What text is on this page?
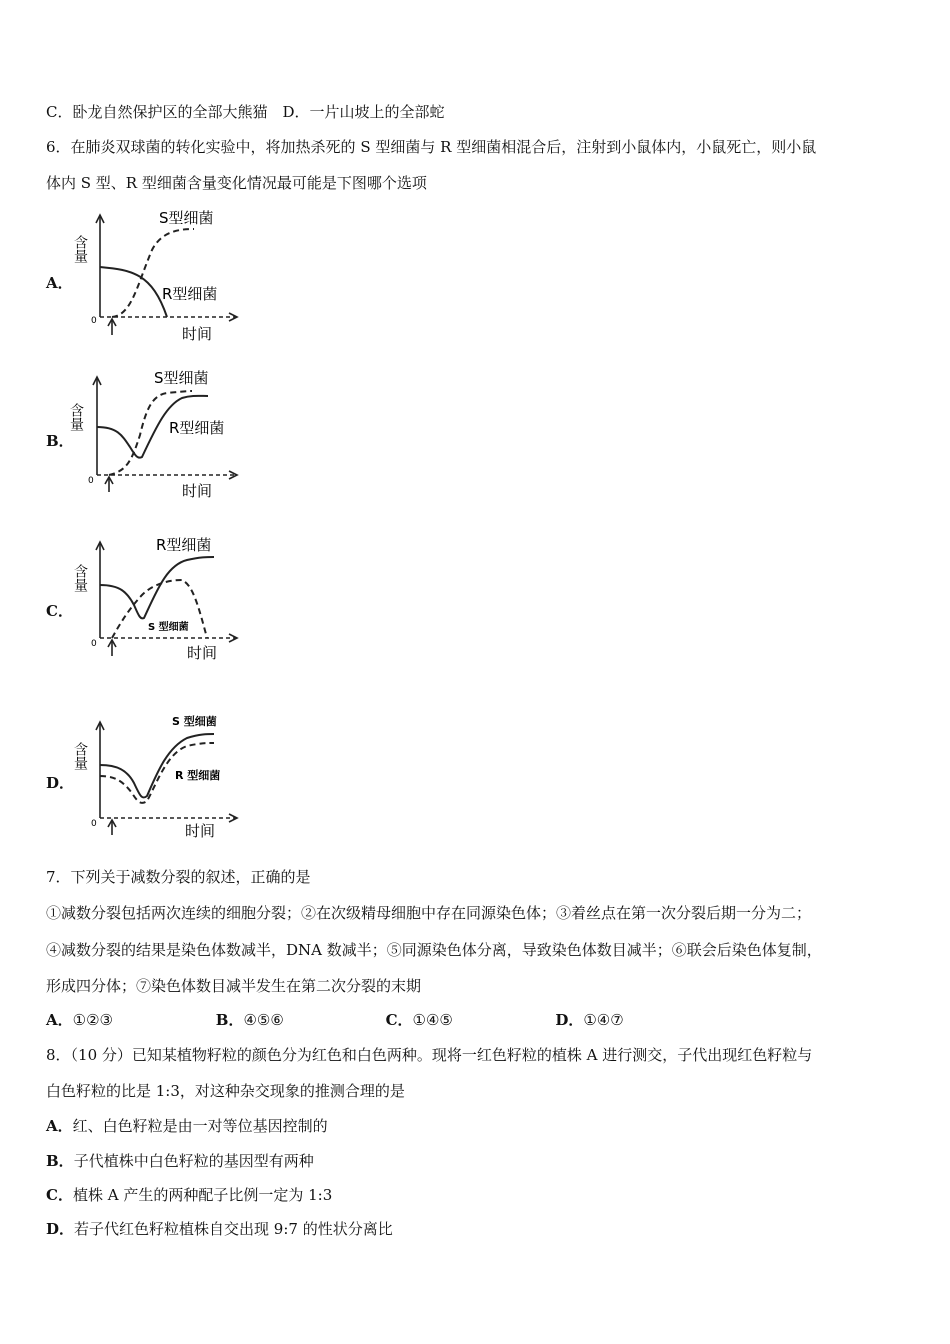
C．卧龙自然保护区的全部大熊猫　D．一片山坡上的全部蛇
6．在肺炎双球菌的转化实验中，将加热杀死的 S 型细菌与 R 型细菌相混合后，注射到小鼠体内，小鼠死亡，则小鼠
体内 S 型、R 型细菌含量变化情况最可能是下图哪个选项
A．
含量
S型细菌
R型细菌
0
时间
B．
含量
S型细菌
R型细菌
0
时间
C．
含量
R型细菌
S 型细菌
0	时间
D．
含量
S 型细菌
R 型细菌
0	时间
7．下列关于减数分裂的叙述，正确的是
①减数分裂包括两次连续的细胞分裂；②在次级精母细胞中存在同源染色体；③着丝点在第一次分裂后期一分为二；
④减数分裂的结果是染色体数减半，DNA 数减半；⑤同源染色体分离，导致染色体数目减半；⑥联会后染色体复制，
形成四分体；⑦染色体数目减半发生在第二次分裂的末期
A．①②③	B．④⑤⑥	C．①④⑤	D．①④⑦
8．（10 分）已知某植物籽粒的颜色分为红色和白色两种。现将一红色籽粒的植株 A 进行测交，子代出现红色籽粒与
白色籽粒的比是 1:3，对这种杂交现象的推测合理的是
A．红、白色籽粒是由一对等位基因控制的
B．子代植株中白色籽粒的基因型有两种
C．植株 A 产生的两种配子比例一定为 1:3
D．若子代红色籽粒植株自交出现 9:7 的性状分离比
